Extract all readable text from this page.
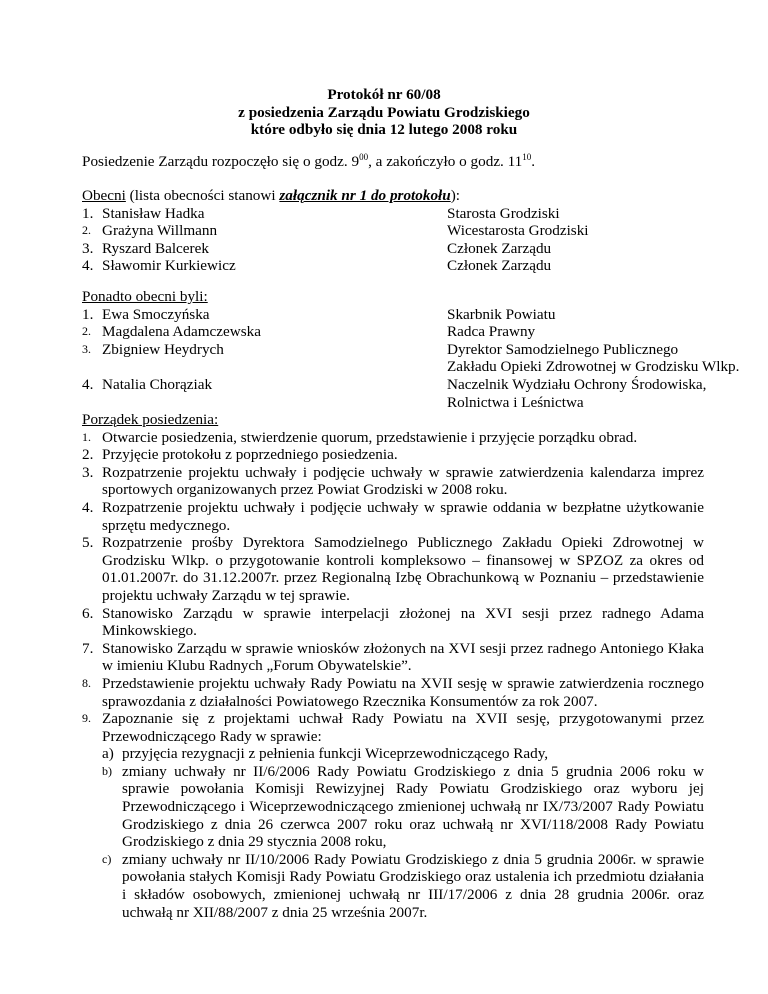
Protokół nr 60/08
z posiedzenia Zarządu Powiatu Grodziskiego
które odbyło się dnia 12 lutego 2008 roku
Posiedzenie Zarządu rozpoczęło się o godz. $9^{00}$, a zakończyło o godz. $11^{10}$.
Obecni (lista obecności stanowi załącznik nr 1 do protokołu):
1. Stanisław Hadka	Starosta Grodziski
2. Grażyna Willmann	Wicestarosta Grodziski
3. Ryszard Balcerek	Członek Zarządu
4. Sławomir Kurkiewicz	Członek Zarządu
Ponadto obecni byli:
1. Ewa Smoczyńska	Skarbnik Powiatu
2. Magdalena Adamczewska	Radca Prawny
3. Zbigniew Heydrych	Dyrektor Samodzielnego Publicznego
Zakładu Opieki Zdrowotnej w Grodzisku Wlkp.
4. Natalia Chorąziak	Naczelnik Wydziału Ochrony Środowiska,
Rolnictwa i Leśnictwa
Porządek posiedzenia:
1. Otwarcie posiedzenia, stwierdzenie quorum, przedstawienie i przyjęcie porządku obrad.
2. Przyjęcie protokołu z poprzedniego posiedzenia.
3. Rozpatrzenie projektu uchwały i podjęcie uchwały w sprawie zatwierdzenia kalendarza imprez sportowych organizowanych przez Powiat Grodziski w 2008 roku.
4. Rozpatrzenie projektu uchwały i podjęcie uchwały w sprawie oddania w bezpłatne użytkowanie sprzętu medycznego.
5. Rozpatrzenie prośby Dyrektora Samodzielnego Publicznego Zakładu Opieki Zdrowotnej w Grodzisku Wlkp. o przygotowanie kontroli kompleksowo – finansowej w SPZOZ za okres od 01.01.2007r. do 31.12.2007r. przez Regionalną Izbę Obrachunkową w Poznaniu – przedstawienie projektu uchwały Zarządu w tej sprawie.
6. Stanowisko Zarządu w sprawie interpelacji złożonej na XVI sesji przez radnego Adama Minkowskiego.
7. Stanowisko Zarządu w sprawie wniosków złożonych na XVI sesji przez radnego Antoniego Kłaka w imieniu Klubu Radnych „Forum Obywatelskie”.
8. Przedstawienie projektu uchwały Rady Powiatu na XVII sesję w sprawie zatwierdzenia rocznego sprawozdania z działalności Powiatowego Rzecznika Konsumentów za rok 2007.
9. Zapoznanie się z projektami uchwał Rady Powiatu na XVII sesję, przygotowanymi przez Przewodniczącego Rady w sprawie:
a) przyjęcia rezygnacji z pełnienia funkcji Wiceprzewodniczącego Rady,
b) zmiany uchwały nr II/6/2006 Rady Powiatu Grodziskiego z dnia 5 grudnia 2006 roku w sprawie powołania Komisji Rewizyjnej Rady Powiatu Grodziskiego oraz wyboru jej Przewodniczącego i Wiceprzewodniczącego zmienionej uchwałą nr IX/73/2007 Rady Powiatu Grodziskiego z dnia 26 czerwca 2007 roku oraz uchwałą nr XVI/118/2008 Rady Powiatu Grodziskiego z dnia 29 stycznia 2008 roku,
c) zmiany uchwały nr II/10/2006 Rady Powiatu Grodziskiego z dnia 5 grudnia 2006r. w sprawie powołania stałych Komisji Rady Powiatu Grodziskiego oraz ustalenia ich przedmiotu działania i składów osobowych, zmienionej uchwałą nr III/17/2006 z dnia 28 grudnia 2006r. oraz uchwałą nr XII/88/2007 z dnia 25 września 2007r.
